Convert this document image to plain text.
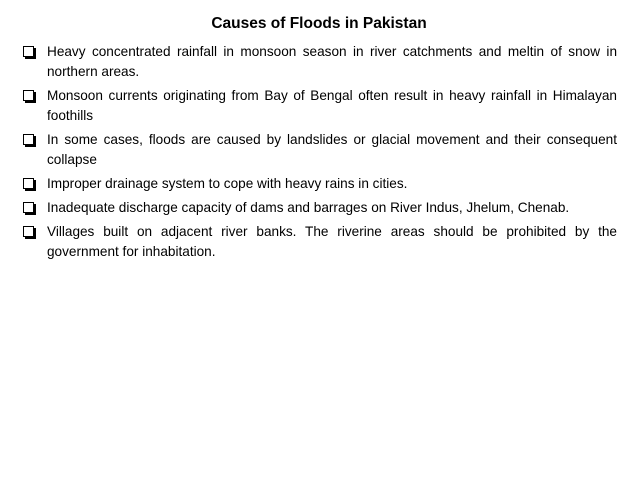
Causes of Floods in Pakistan
Heavy concentrated rainfall in monsoon season in river catchments and meltin of snow in northern areas.
Monsoon currents originating from Bay of Bengal often result in heavy rainfall in Himalayan foothills
In some cases, floods are caused by landslides or glacial movement and their consequent collapse
Improper drainage system to cope with heavy rains in cities.
Inadequate discharge capacity of dams and barrages on River Indus, Jhelum, Chenab.
Villages built on adjacent river banks. The riverine areas should be prohibited by the government for inhabitation.
